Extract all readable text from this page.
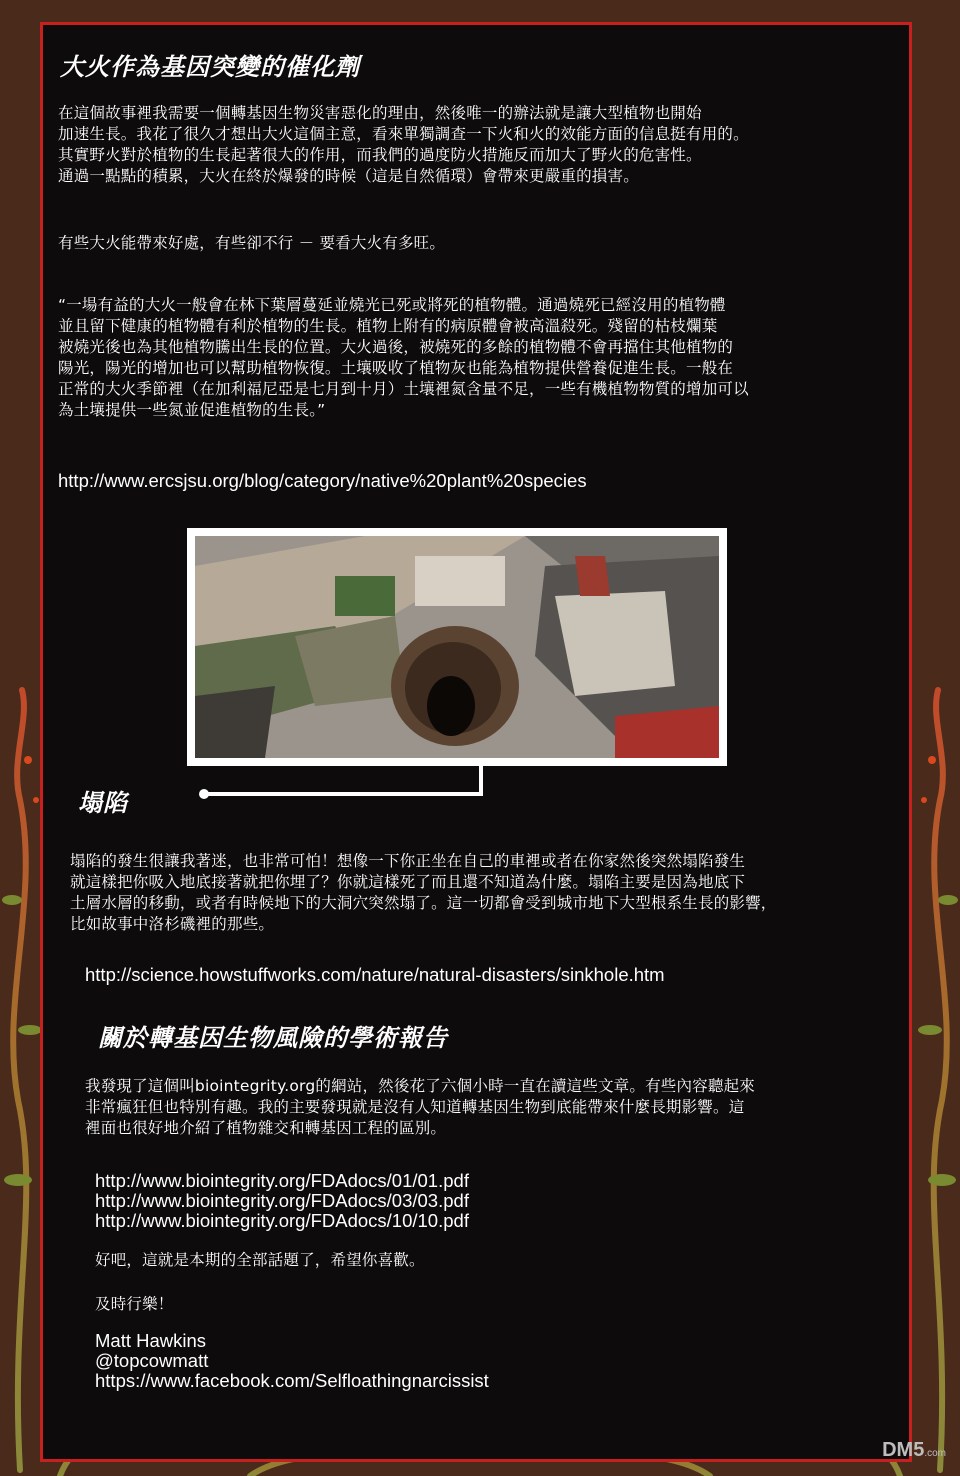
大火作為基因突變的催化劑
在這個故事裡我需要一個轉基因生物災害惡化的理由，然後唯一的辦法就是讓大型植物也開始
加速生長。我花了很久才想出大火這個主意，看來單獨調查一下火和火的效能方面的信息挺有用的。
其實野火對於植物的生長起著很大的作用，而我們的過度防火措施反而加大了野火的危害性。
通過一點點的積累，大火在終於爆發的時候（這是自然循環）會帶來更嚴重的損害。
有些大火能帶來好處，有些卻不行 － 要看大火有多旺。
“一場有益的大火一般會在林下葉層蔓延並燒光已死或將死的植物體。通過燒死已經沒用的植物體
並且留下健康的植物體有利於植物的生長。植物上附有的病原體會被高溫殺死。殘留的枯枝爛葉
被燒光後也為其他植物騰出生長的位置。大火過後，被燒死的多餘的植物體不會再擋住其他植物的
陽光，陽光的增加也可以幫助植物恢復。土壤吸收了植物灰也能為植物提供營養促進生長。一般在
正常的大火季節裡（在加利福尼亞是七月到十月）土壤裡氮含量不足，一些有機植物物質的增加可以
為土壤提供一些氮並促進植物的生長。”
http://www.ercsjsu.org/blog/category/native%20plant%20species
塌陷
塌陷的發生很讓我著迷，也非常可怕！想像一下你正坐在自己的車裡或者在你家然後突然塌陷發生
就這樣把你吸入地底接著就把你埋了？你就這樣死了而且還不知道為什麼。塌陷主要是因為地底下
土層水層的移動，或者有時候地下的大洞穴突然塌了。這一切都會受到城市地下大型根系生長的影響，
比如故事中洛杉磯裡的那些。
http://science.howstuffworks.com/nature/natural-disasters/sinkhole.htm
關於轉基因生物風險的學術報告
我發現了這個叫biointegrity.org的網站，然後花了六個小時一直在讀這些文章。有些內容聽起來
非常瘋狂但也特別有趣。我的主要發現就是沒有人知道轉基因生物到底能帶來什麼長期影響。這
裡面也很好地介紹了植物雜交和轉基因工程的區別。
http://www.biointegrity.org/FDAdocs/01/01.pdf
http://www.biointegrity.org/FDAdocs/03/03.pdf
http://www.biointegrity.org/FDAdocs/10/10.pdf
好吧，這就是本期的全部話題了，希望你喜歡。
及時行樂！
Matt Hawkins
@topcowmatt
https://www.facebook.com/Selfloathingnarcissist
DM5.com
